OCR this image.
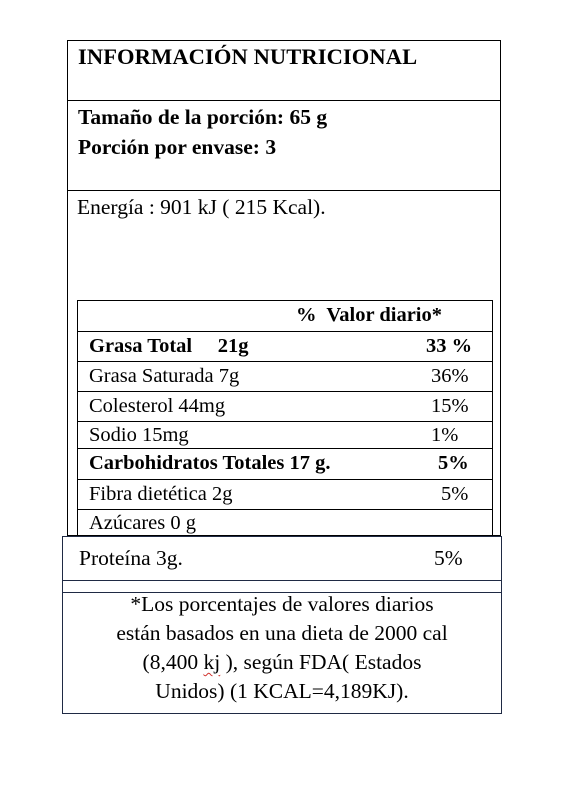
INFORMACIÓN NUTRICIONAL
Tamaño de la porción: 65 g
Porción por envase: 3
Energía : 901 kJ ( 215 Kcal).
%  Valor diario*
Grasa Total     21g	33 %
Grasa Saturada 7g	36%
Colesterol 44mg	15%
Sodio 15mg	1%
Carbohidratos Totales 17 g.	5%
Fibra dietética 2g	5%
Azúcares 0 g
Proteína 3g.	5%
*Los porcentajes de valores diarios
están basados en una dieta de 2000 cal
(8,400 kj ), según FDA( Estados
Unidos) (1 KCAL=4,189KJ).
